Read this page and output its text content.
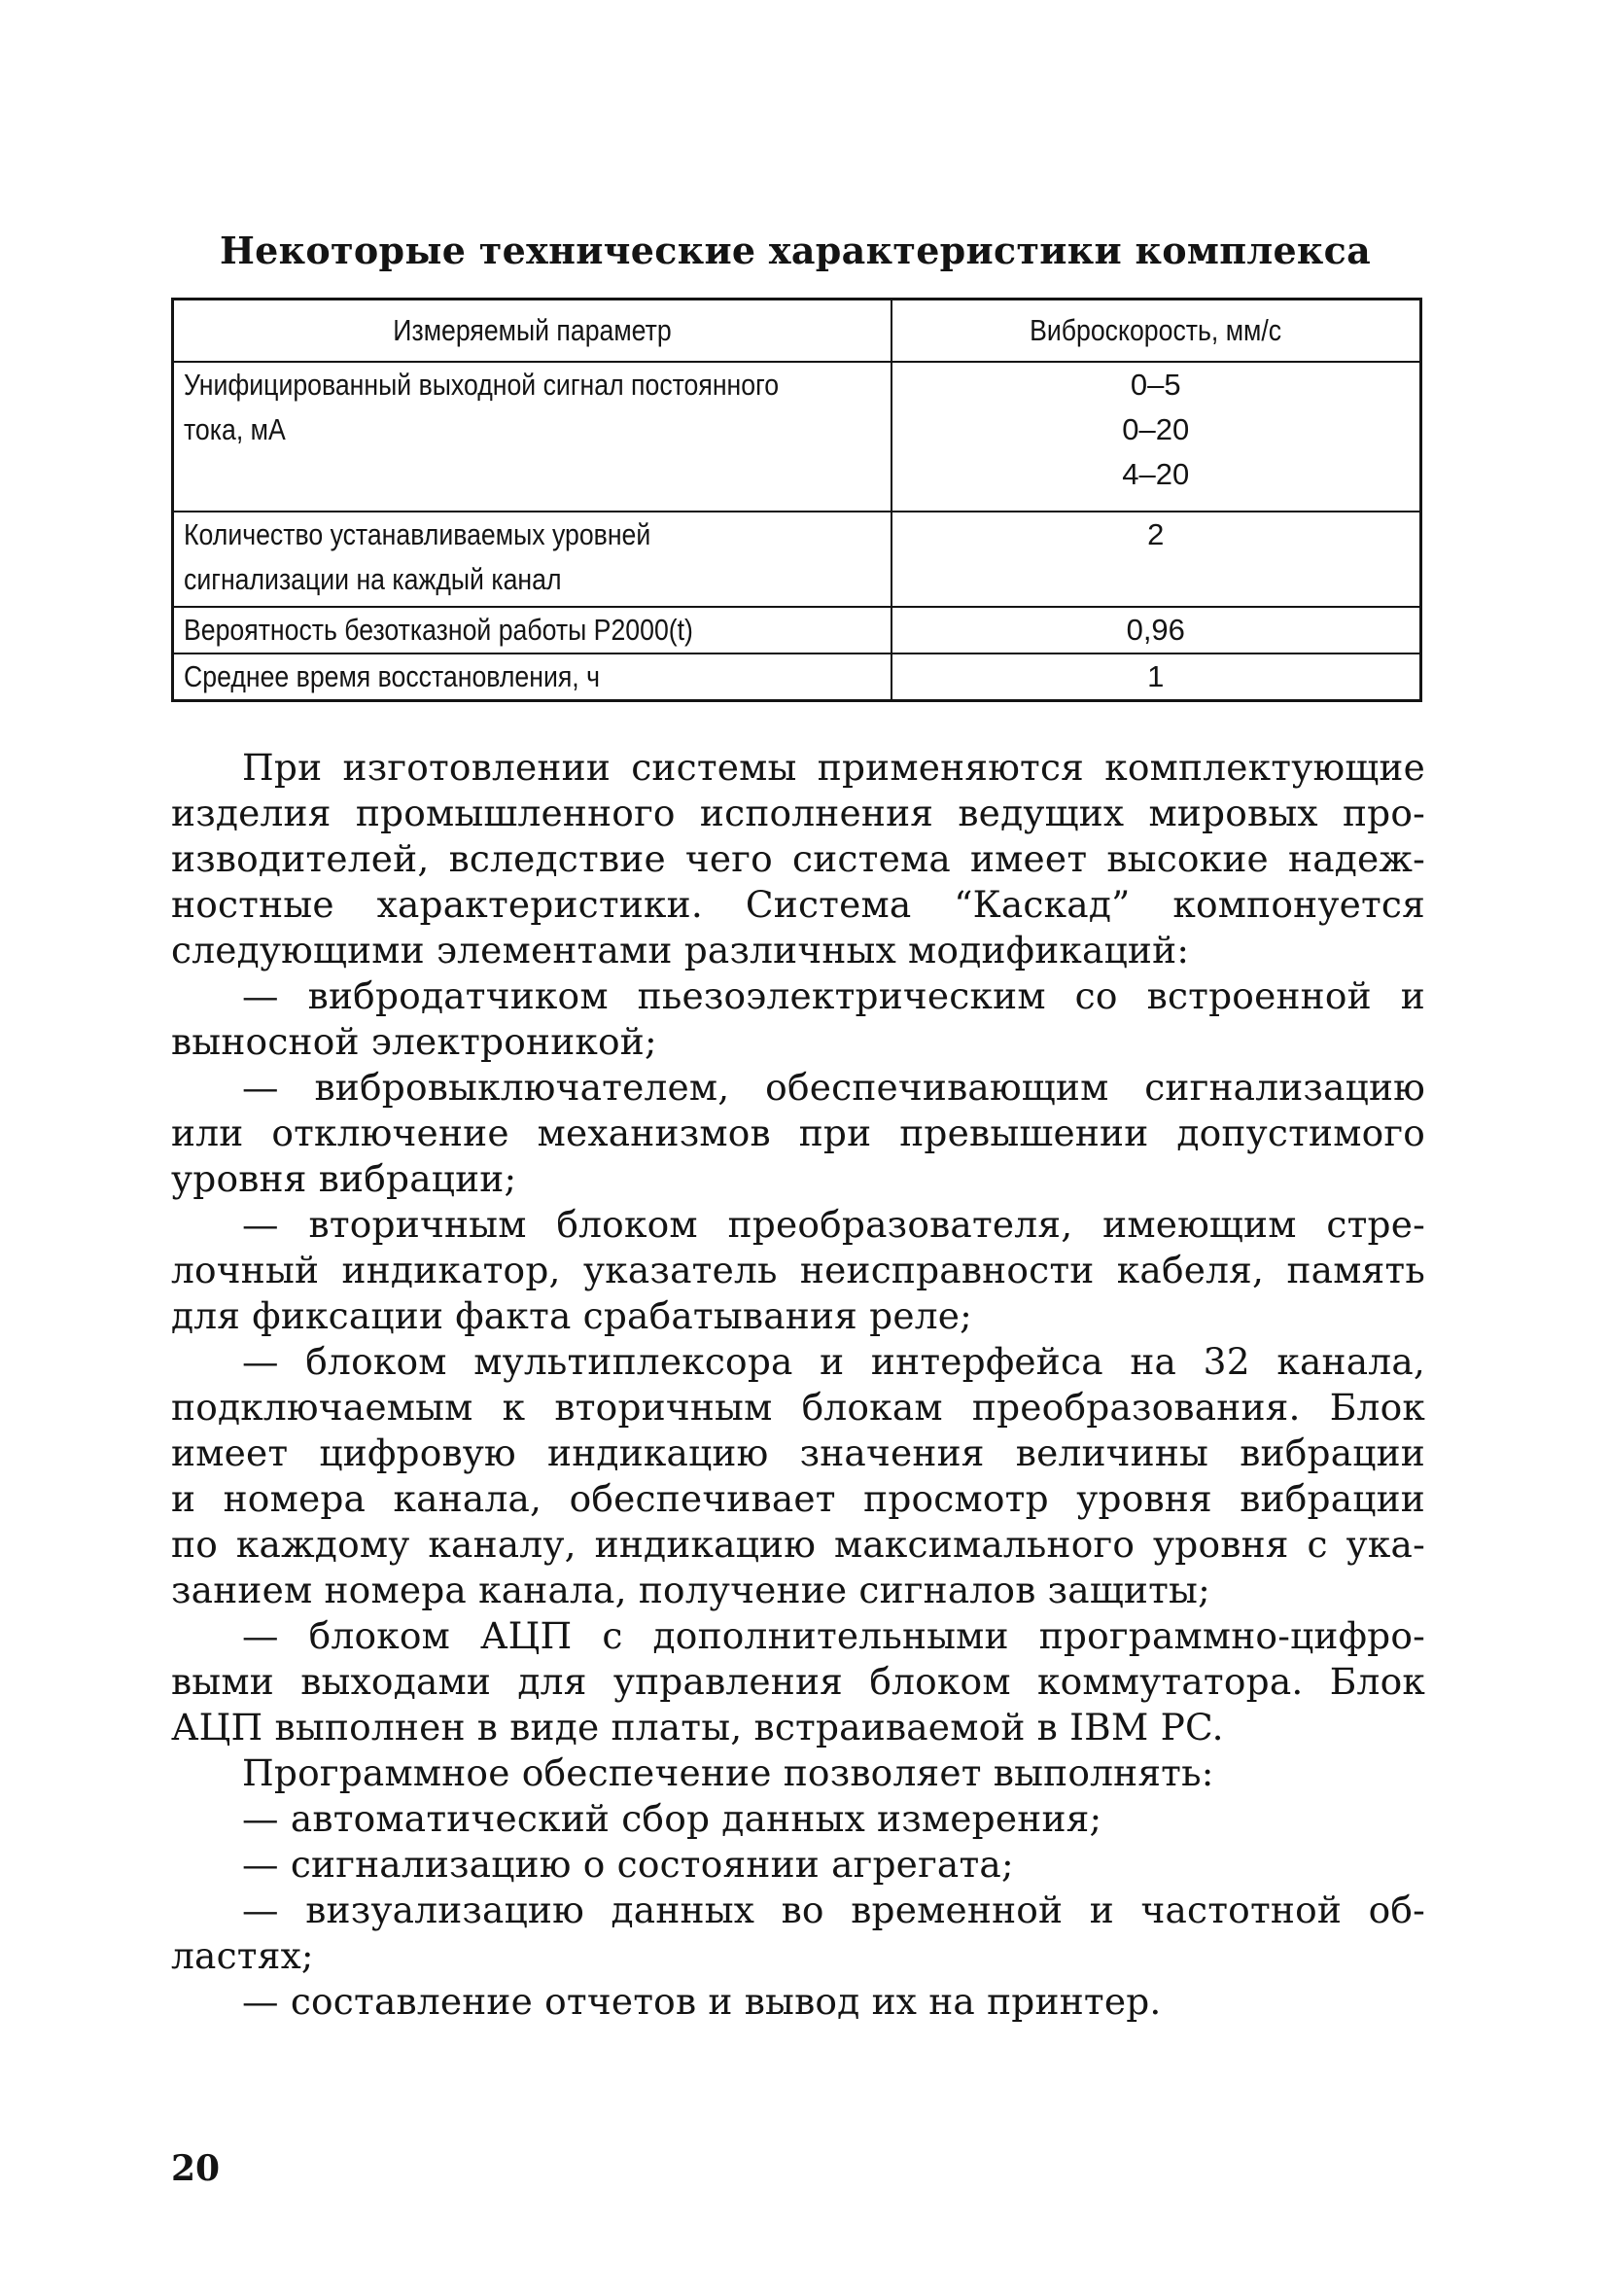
Некоторые технические характеристики комплекса
Измеряемый параметр	Виброскорость, мм/с

Унифицированный выходной сигнал постоянного
тока, мА	0–5
0–20
4–20

Количество устанавливаемых уровней
сигнализации на каждый канал	2

Вероятность безотказной работы P2000(t)	0,96

Среднее время восстановления, ч	1
При изготовлении системы применяются комплектующие
изделия промышленного исполнения ведущих мировых про-
изводителей, вследствие чего система имеет высокие надеж-
ностные характеристики. Система “Каскад” компонуется
следующими элементами различных модификаций:
— вибродатчиком пьезоэлектрическим со встроенной и
выносной электроникой;
— вибровыключателем, обеспечивающим сигнализацию
или отключение механизмов при превышении допустимого
уровня вибрации;
— вторичным блоком преобразователя, имеющим стре-
лочный индикатор, указатель неисправности кабеля, память
для фиксации факта срабатывания реле;
— блоком мультиплексора и интерфейса на 32 канала,
подключаемым к вторичным блокам преобразования. Блок
имеет цифровую индикацию значения величины вибрации
и номера канала, обеспечивает просмотр уровня вибрации
по каждому каналу, индикацию максимального уровня с ука-
занием номера канала, получение сигналов защиты;
— блоком АЦП с дополнительными программно-цифро-
выми выходами для управления блоком коммутатора. Блок
АЦП выполнен в виде платы, встраиваемой в IBM PC.
Программное обеспечение позволяет выполнять:
— автоматический сбор данных измерения;
— сигнализацию о состоянии агрегата;
— визуализацию данных во временной и частотной об-
ластях;
— составление отчетов и вывод их на принтер.
20
